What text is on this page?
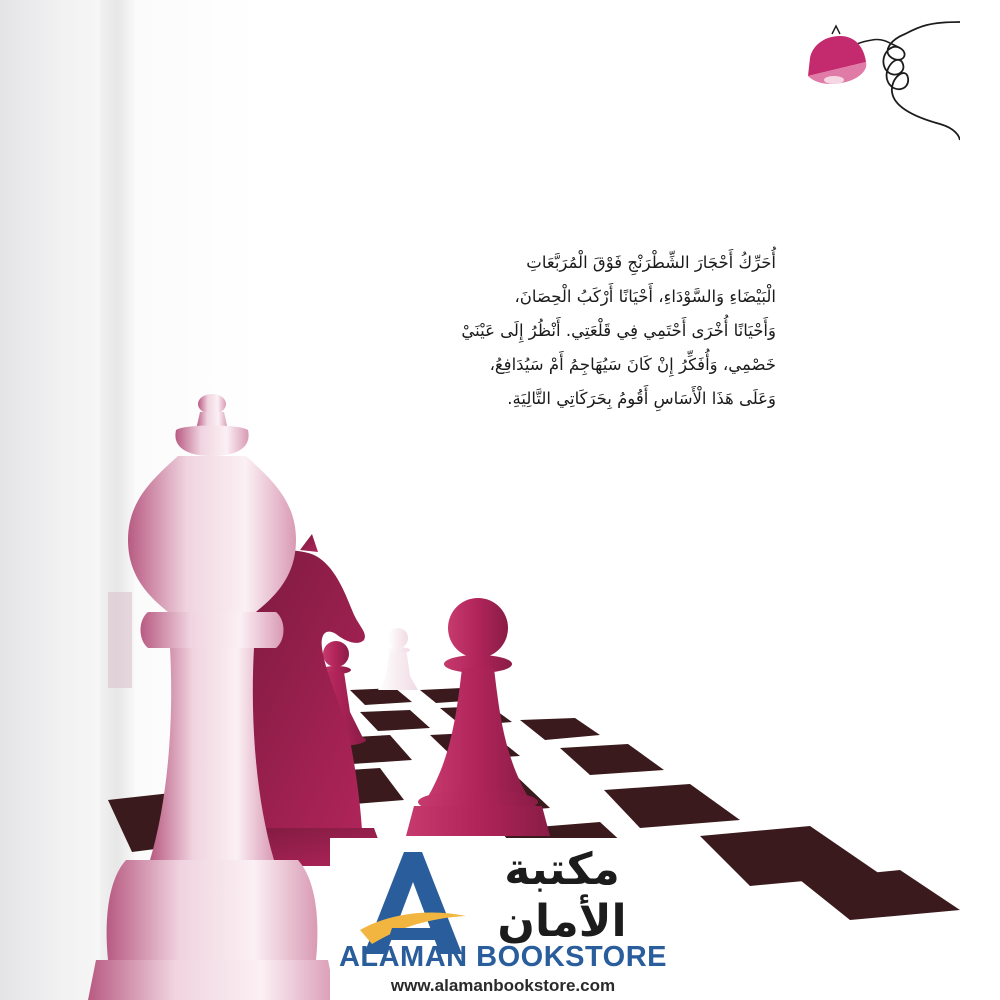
أُحَرِّكُ أَحْجَارَ الشِّطْرَنْجِ فَوْقَ الْمُرَبَّعَاتِ

الْبَيْضَاءِ وَالسَّوْدَاءِ، أَحْيَانًا أَرْكَبُ الْحِصَانَ،

وَأَحْيَانًا أُخْرَى أَحْتَمِي فِي قَلْعَتِي. أَنْظُرُ إِلَى عَيْنَيْ

خَصْمِي، وَأُفَكِّرُ إِنْ كَانَ سَيُهَاجِمُ أَمْ سَيُدَافِعُ،

وَعَلَى هَذَا الْأَسَاسِ أَقُومُ بِحَرَكَاتِي التَّالِيَةِ.

مكتبة
الأمان
ALAMAN BOOKSTORE
www.alamanbookstore.com
